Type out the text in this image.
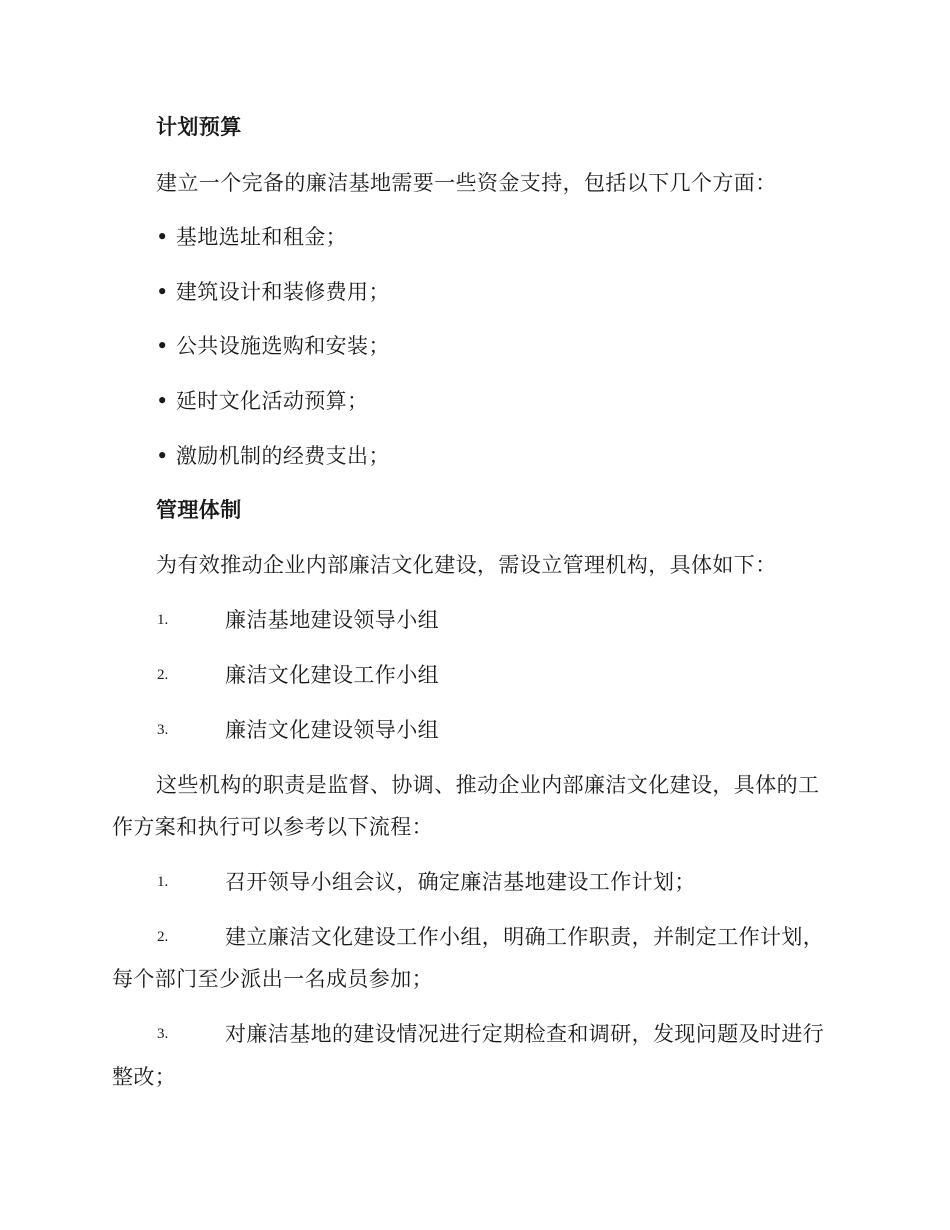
计划预算
建立一个完备的廉洁基地需要一些资金支持，包括以下几个方面：
• 基地选址和租金；
• 建筑设计和装修费用；
• 公共设施选购和安装；
• 延时文化活动预算；
• 激励机制的经费支出；
管理体制
为有效推动企业内部廉洁文化建设，需设立管理机构，具体如下：
1.	廉洁基地建设领导小组
2.	廉洁文化建设工作小组
3.	廉洁文化建设领导小组
这些机构的职责是监督、协调、推动企业内部廉洁文化建设，具体的工
作方案和执行可以参考以下流程：
1.	召开领导小组会议，确定廉洁基地建设工作计划；
2.	建立廉洁文化建设工作小组，明确工作职责，并制定工作计划，
每个部门至少派出一名成员参加；
3.	对廉洁基地的建设情况进行定期检查和调研，发现问题及时进行
整改；
